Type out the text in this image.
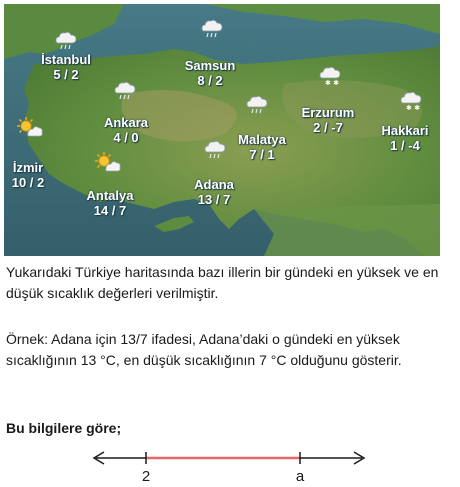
İstanbul
5 / 2
Samsun
8 / 2
Ankara
4 / 0
✱ ✱
Erzurum
2 / -7
✱ ✱
Hakkari
1 / -4
Malatya
7 / 1
İzmir
10 / 2	Adana
13 / 7
Antalya
14 / 7
Yukarıdaki Türkiye haritasında bazı illerin bir gündeki en yüksek ve en düşük sıcaklık değerleri verilmiştir.
Örnek: Adana için 13/7 ifadesi, Adana’daki o gündeki en yüksek sıcaklığının 13 °C, en düşük sıcaklığının 7 °C olduğunu gösterir.
Bu bilgilere göre;
2	a
